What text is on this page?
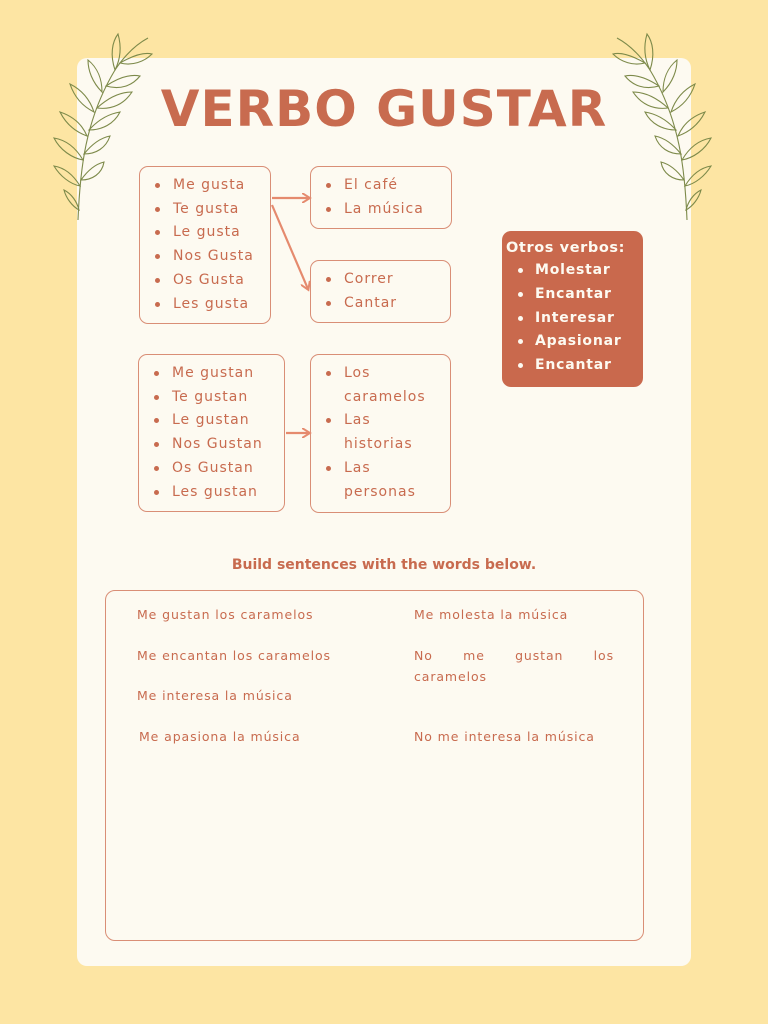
VERBO GUSTAR
Me gusta
Te gusta
Le gusta
Nos Gusta
Os Gusta
Les gusta
El café
La música
Correr
Cantar
Me gustan
Te gustan
Le gustan
Nos Gustan
Os Gustan
Les gustan
Los caramelos
Las historias
Las personas
Otros verbos:
Molestar
Encantar
Interesar
Apasionar
Encantar
Build sentences with the words below.
Me gustan los caramelos
Me encantan los caramelos
Me interesa la música
Me apasiona la música
Me molesta la música
No me gustan los caramelos
No me interesa la música
